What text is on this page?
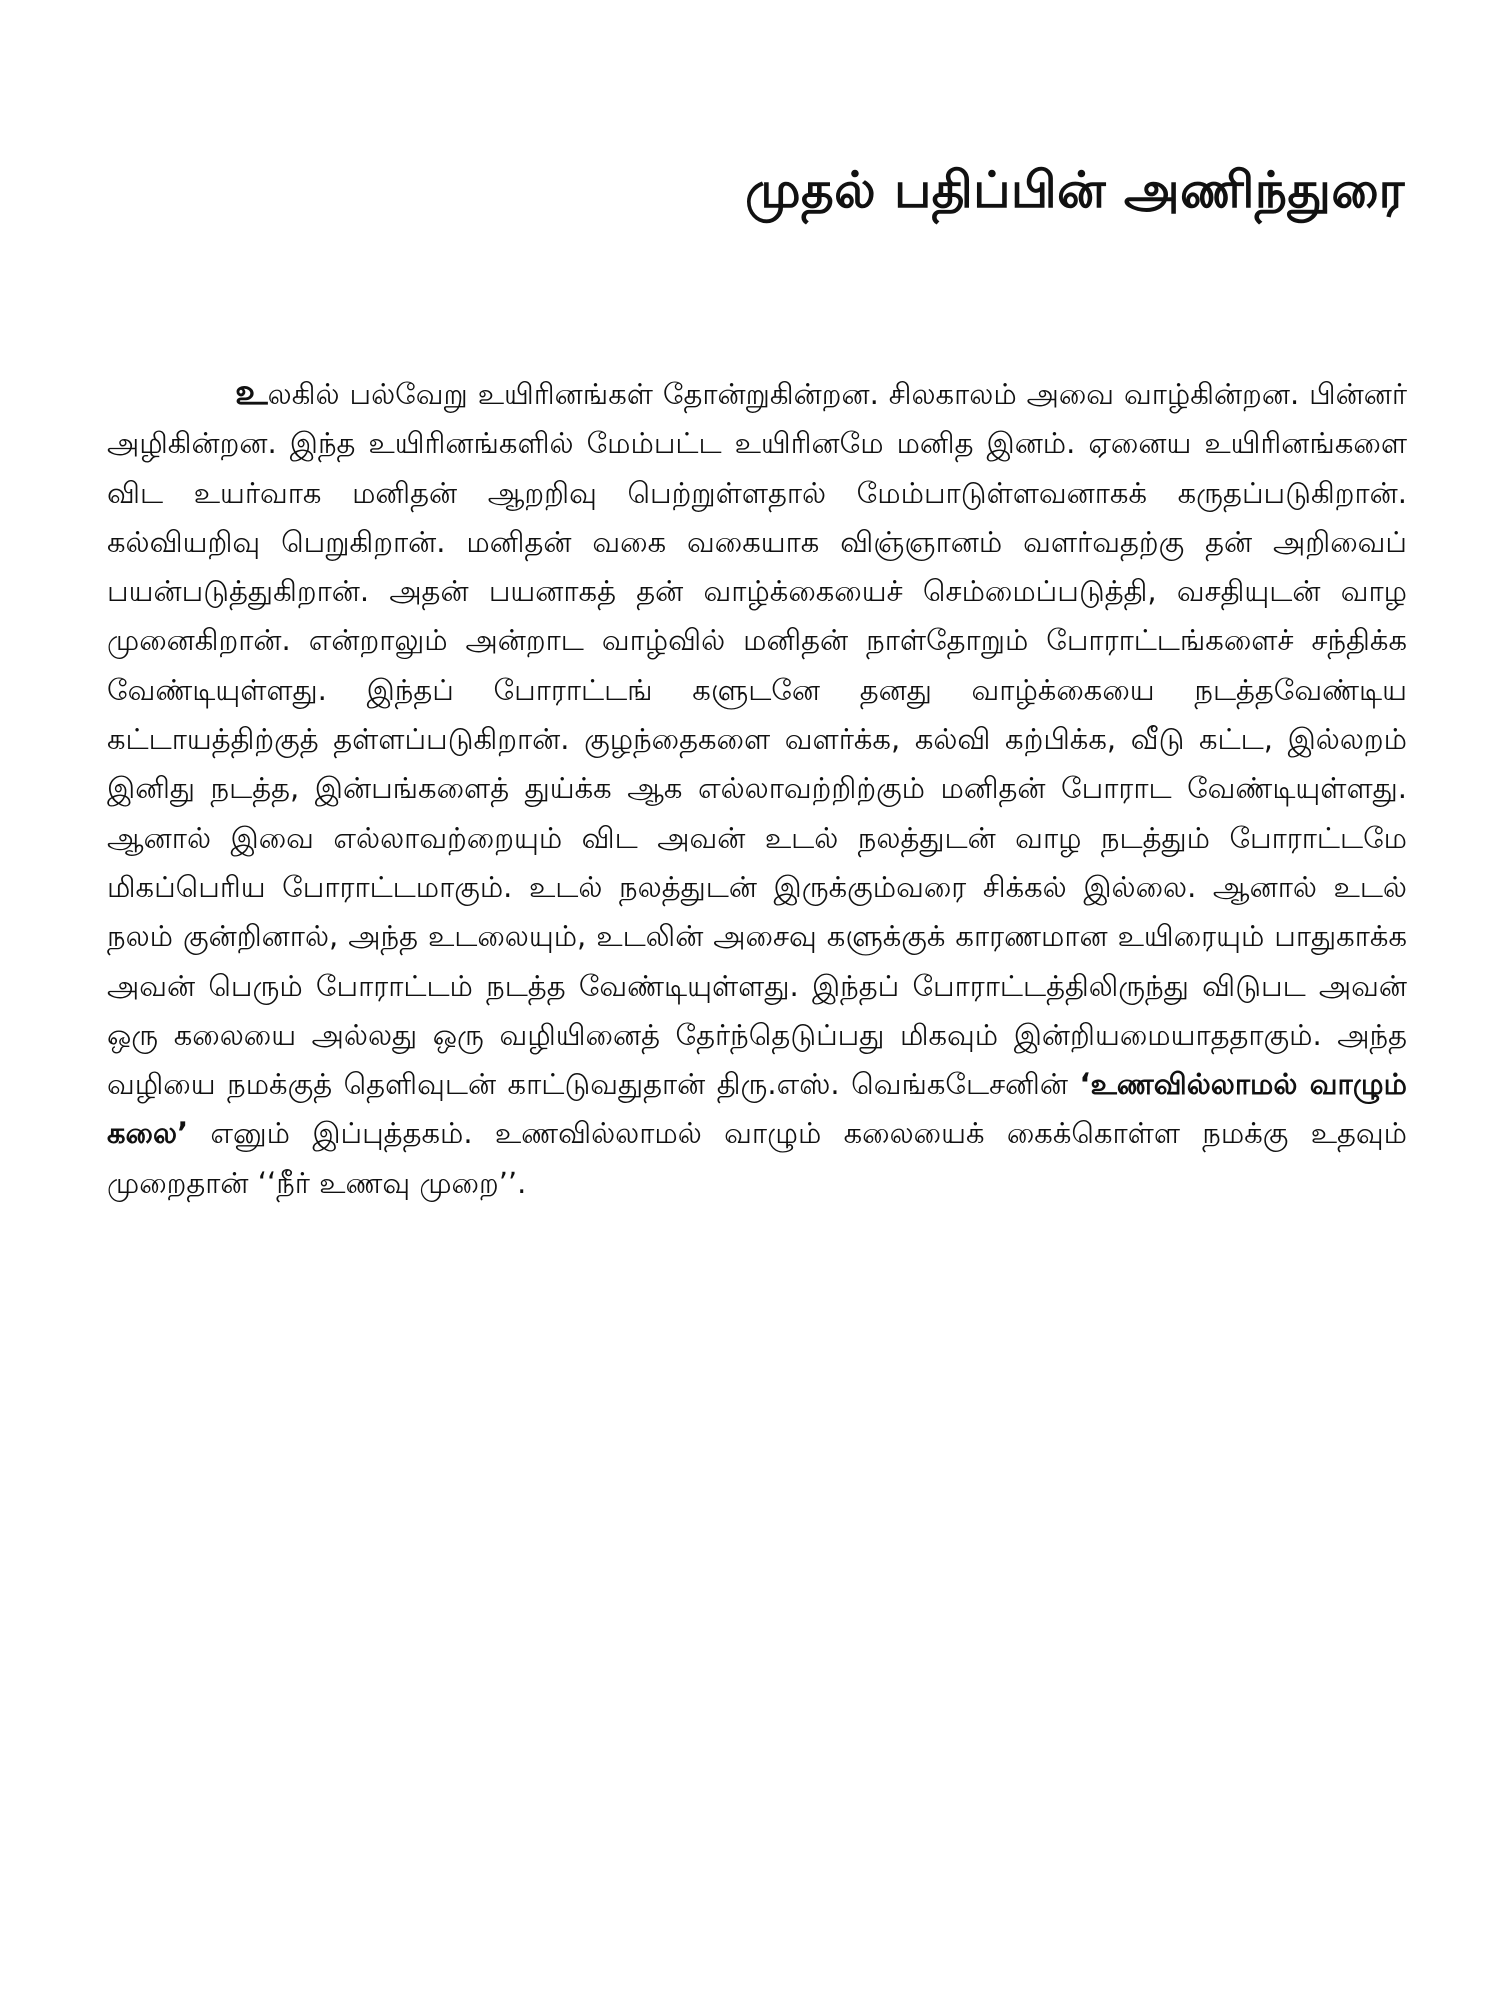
முதல் பதிப்பின் அணிந்துரை

உலகில் பல்வேறு உயிரினங்கள் தோன்றுகின்றன. சிலகாலம் அவை வாழ்கின்றன. பின்னர் அழிகின்றன. இந்த உயிரினங்களில் மேம்பட்ட உயிரினமே மனித இனம். ஏனைய உயிரினங்களை விட உயர்வாக மனிதன் ஆறறிவு பெற்றுள்ளதால் மேம்பாடுள்ளவனாகக் கருதப்படுகிறான். கல்வியறிவு பெறுகிறான். மனிதன் வகை வகையாக விஞ்ஞானம் வளர்வதற்கு தன் அறிவைப் பயன்படுத்துகிறான். அதன் பயனாகத் தன் வாழ்க்கையைச் செம்மைப்படுத்தி, வசதியுடன் வாழ முனைகிறான். என்றாலும் அன்றாட வாழ்வில் மனிதன் நாள்தோறும் போராட்டங்களைச் சந்திக்க வேண்டியுள்ளது. இந்தப் போராட்டங் களுடனே தனது வாழ்க்கையை நடத்தவேண்டிய கட்டாயத்திற்குத் தள்ளப்படுகிறான். குழந்தைகளை வளர்க்க, கல்வி கற்பிக்க, வீடு கட்ட, இல்லறம் இனிது நடத்த, இன்பங்களைத் துய்க்க ஆக எல்லாவற்றிற்கும் மனிதன் போராட வேண்டியுள்ளது. ஆனால் இவை எல்லாவற்றையும் விட அவன் உடல் நலத்துடன் வாழ நடத்தும் போராட்டமே மிகப்பெரிய போராட்டமாகும். உடல் நலத்துடன் இருக்கும்வரை சிக்கல் இல்லை. ஆனால் உடல் நலம் குன்றினால், அந்த உடலையும், உடலின் அசைவு களுக்குக் காரணமான உயிரையும் பாதுகாக்க அவன் பெரும் போராட்டம் நடத்த வேண்டியுள்ளது. இந்தப் போராட்டத்திலிருந்து விடுபட அவன் ஒரு கலையை அல்லது ஒரு வழியினைத் தேர்ந்தெடுப்பது மிகவும் இன்றியமையாததாகும். அந்த வழியை நமக்குத் தெளிவுடன் காட்டுவதுதான் திரு.எஸ். வெங்கடேசனின் ‘உணவில்லாமல் வாழும் கலை’ எனும் இப்புத்தகம். உணவில்லாமல் வாழும் கலையைக் கைக்கொள்ள நமக்கு உதவும் முறைதான் ‘‘நீர் உணவு முறை’’.
